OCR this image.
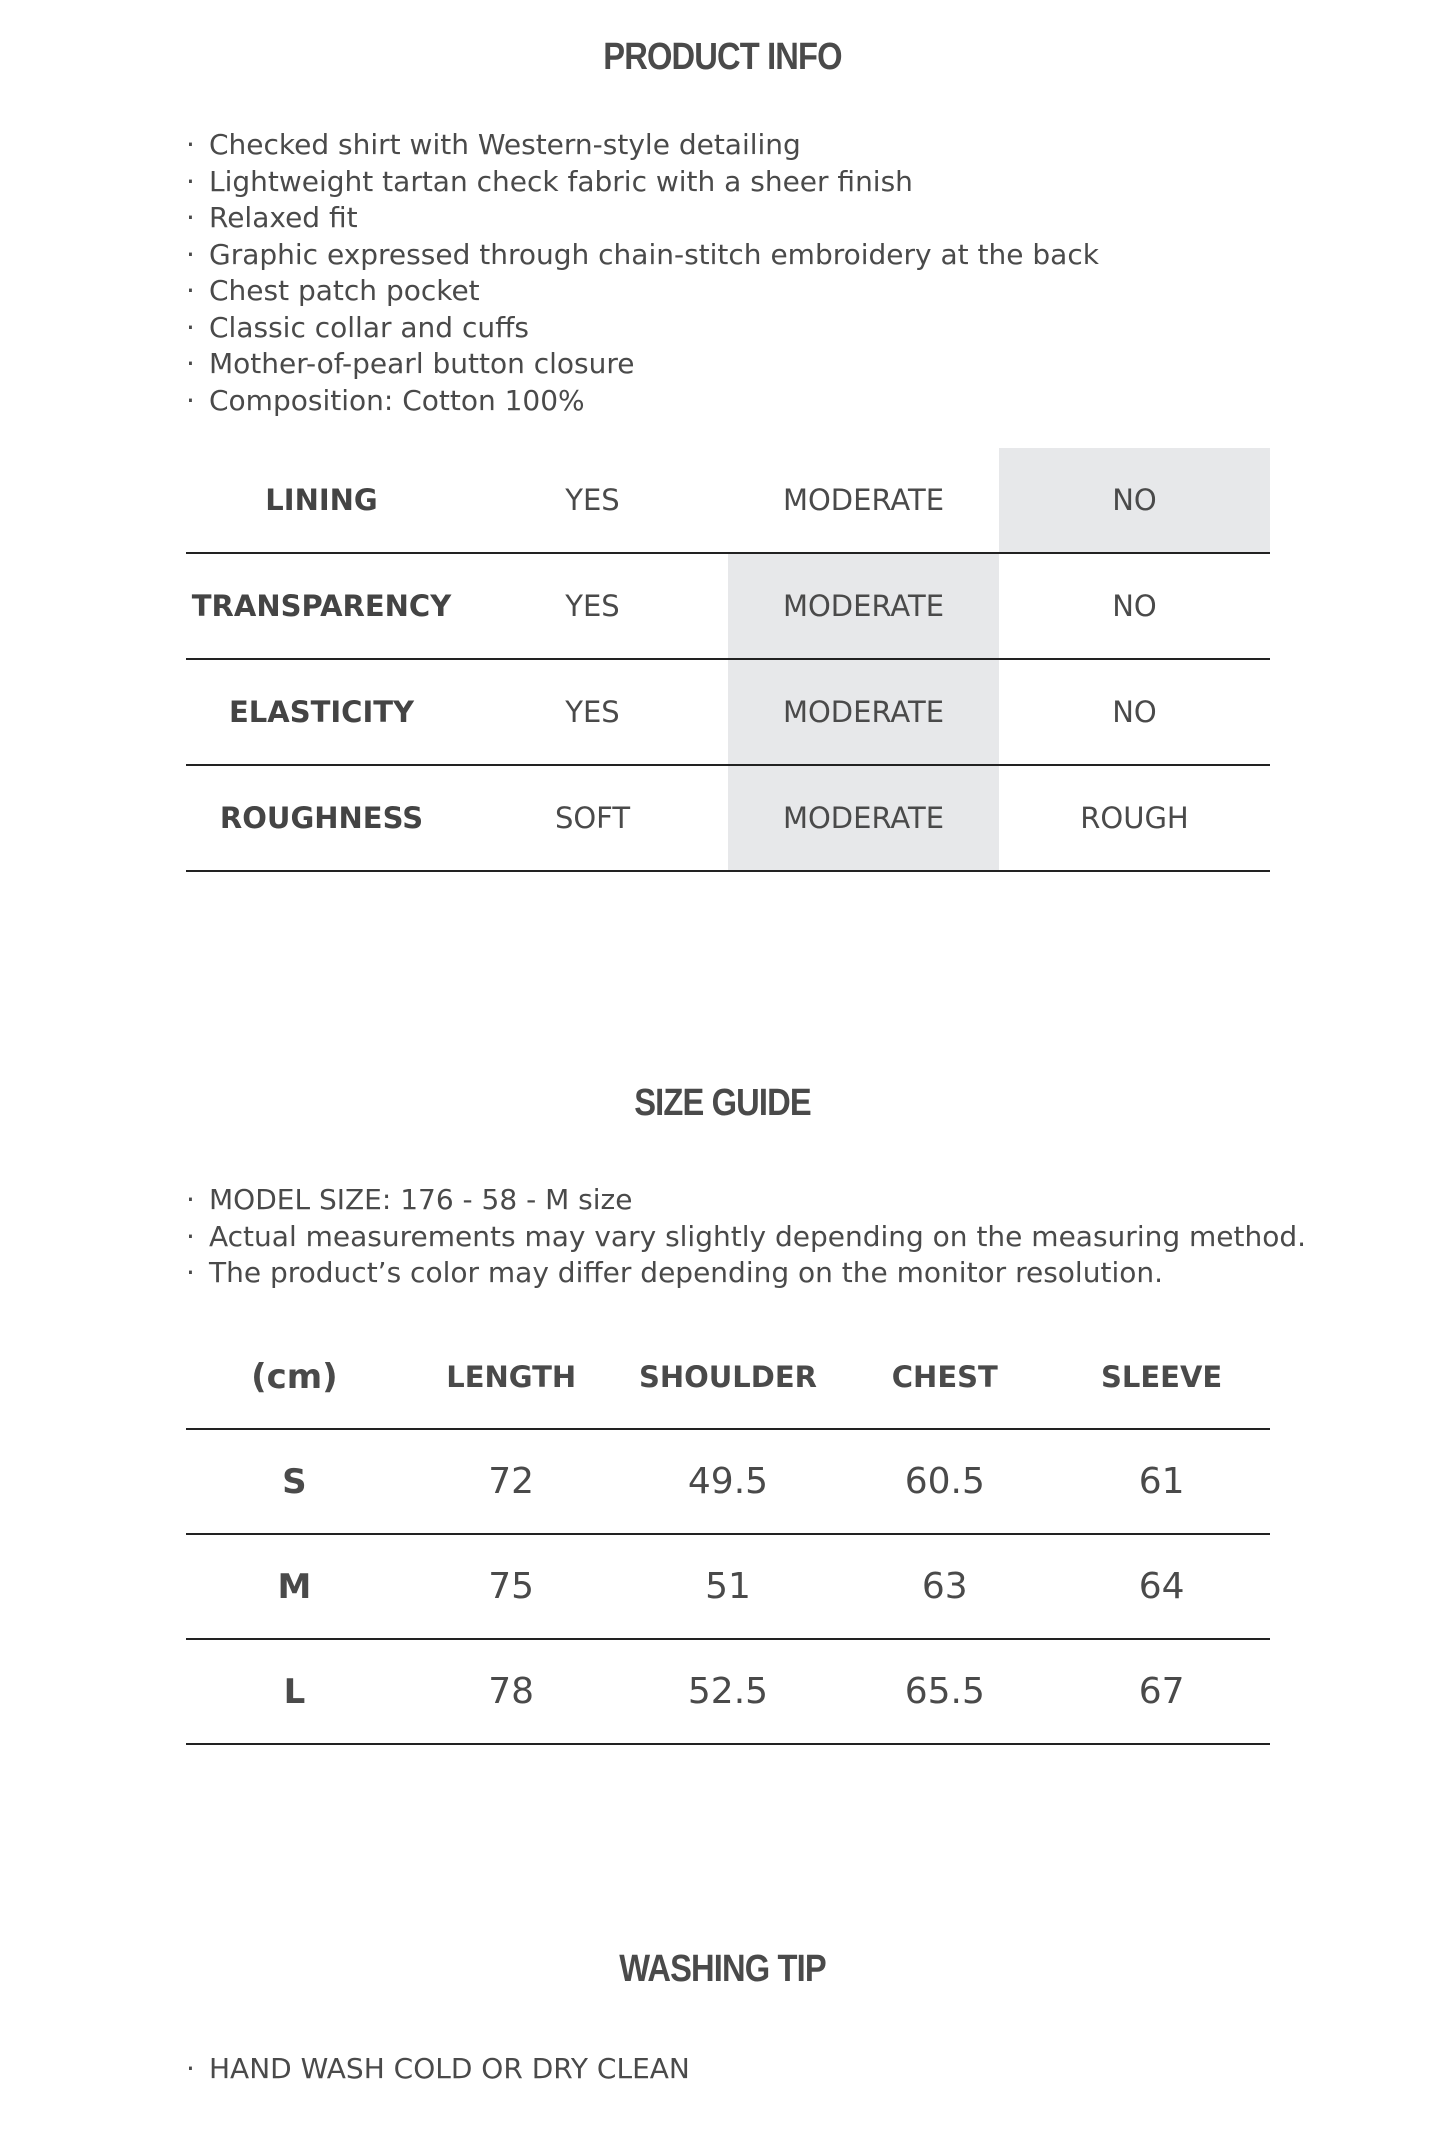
PRODUCT INFO
· Checked shirt with Western-style detailing
· Lightweight tartan check fabric with a sheer finish
· Relaxed fit
· Graphic expressed through chain-stitch embroidery at the back
· Chest patch pocket
· Classic collar and cuffs
· Mother-of-pearl button closure
· Composition: Cotton 100%
LINING	YES	MODERATE	NO
TRANSPARENCY	YES	MODERATE	NO
ELASTICITY	YES	MODERATE	NO
ROUGHNESS	SOFT	MODERATE	ROUGH
SIZE GUIDE
· MODEL SIZE: 176 - 58 - M size
· Actual measurements may vary slightly depending on the measuring method.
· The product’s color may differ depending on the monitor resolution.
(cm)	LENGTH	SHOULDER	CHEST	SLEEVE
S	72	49.5	60.5	61
M	75	51	63	64
L	78	52.5	65.5	67
WASHING TIP
· HAND WASH COLD OR DRY CLEAN
